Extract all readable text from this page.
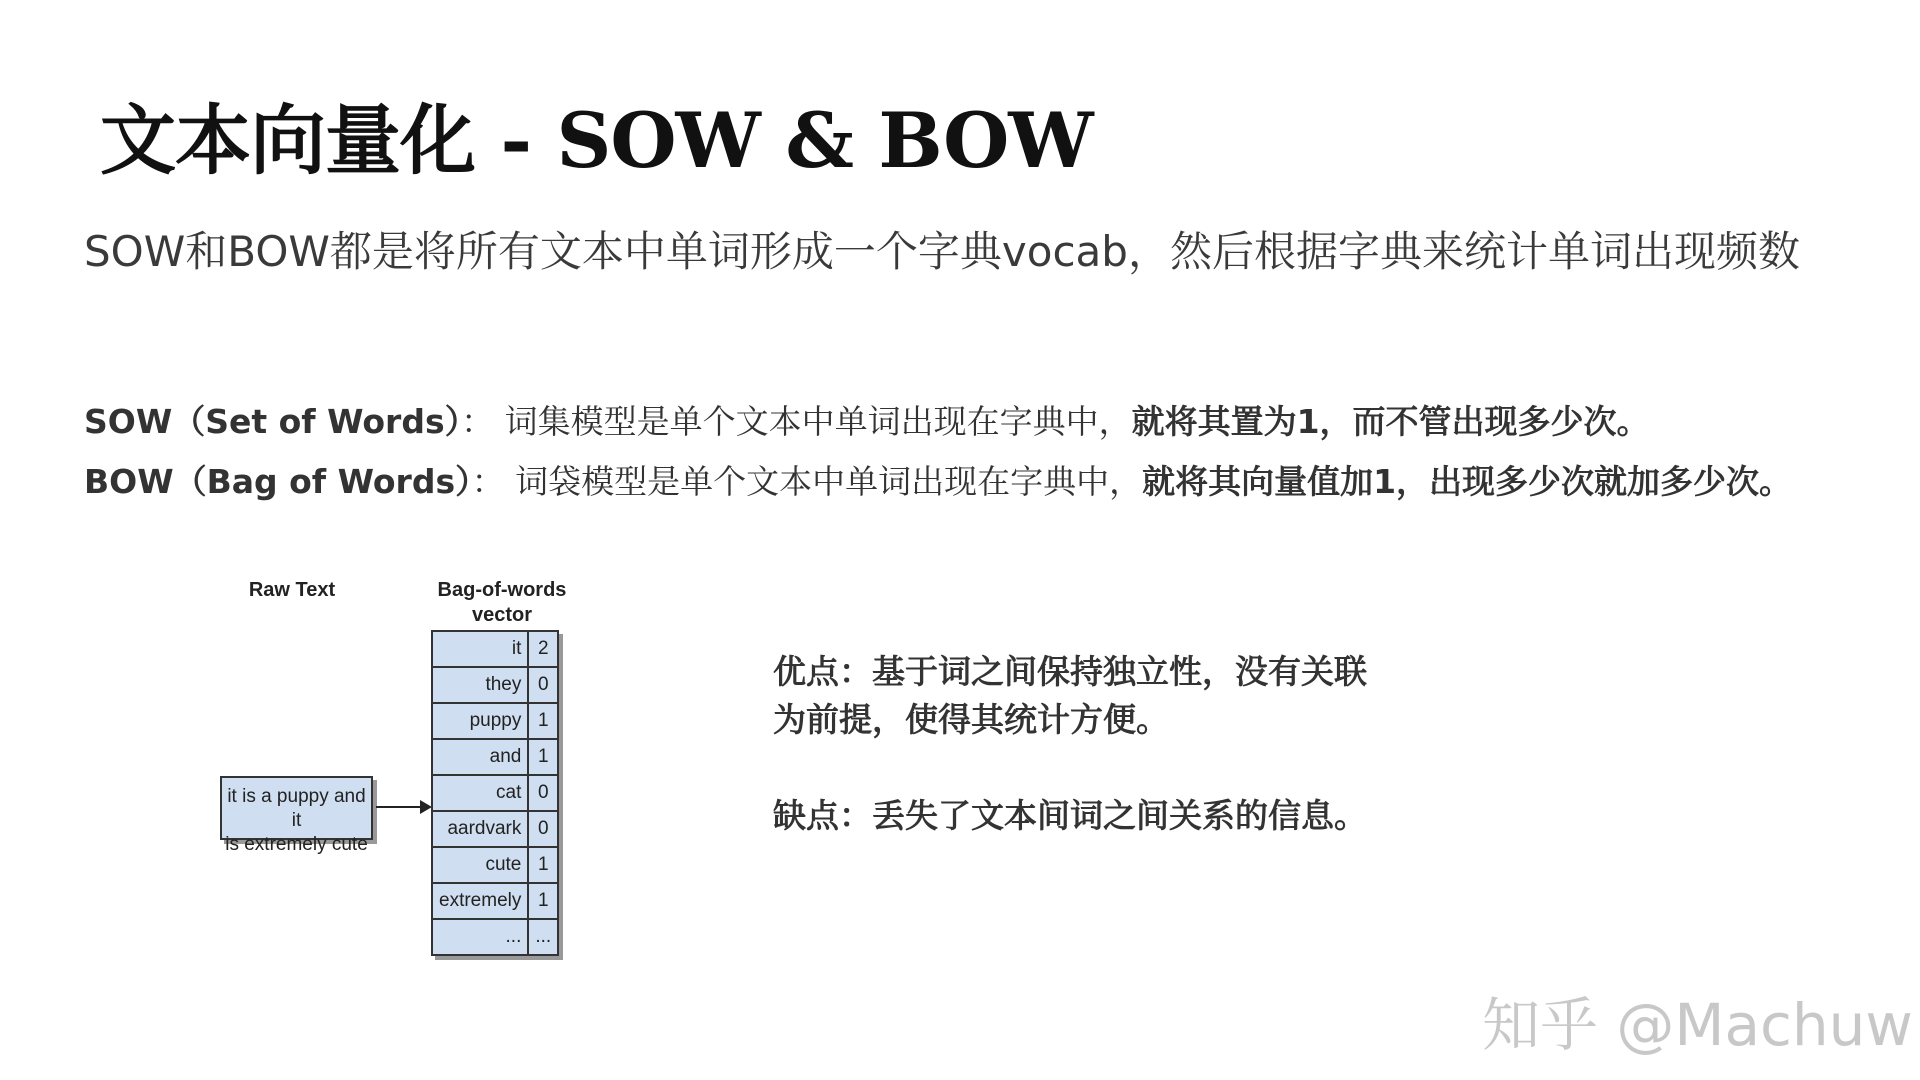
文本向量化 - SOW & BOW
SOW和BOW都是将所有文本中单词形成一个字典vocab，然后根据字典来统计单词出现频数
SOW（Set of Words）： 词集模型是单个文本中单词出现在字典中，就将其置为1，而不管出现多少次。
BOW（Bag of Words）： 词袋模型是单个文本中单词出现在字典中，就将其向量值加1，出现多少次就加多少次。
Raw Text	Bag-of-words
vector
it is a puppy and it
is extremely cute
it	2
they	0
puppy	1
and	1
cat	0
aardvark	0
cute	1
extremely	1
...	...

优点：基于词之间保持独立性，没有关联为前提，使得其统计方便。

缺点：丢失了文本间词之间关系的信息。

知乎 @Machuw
